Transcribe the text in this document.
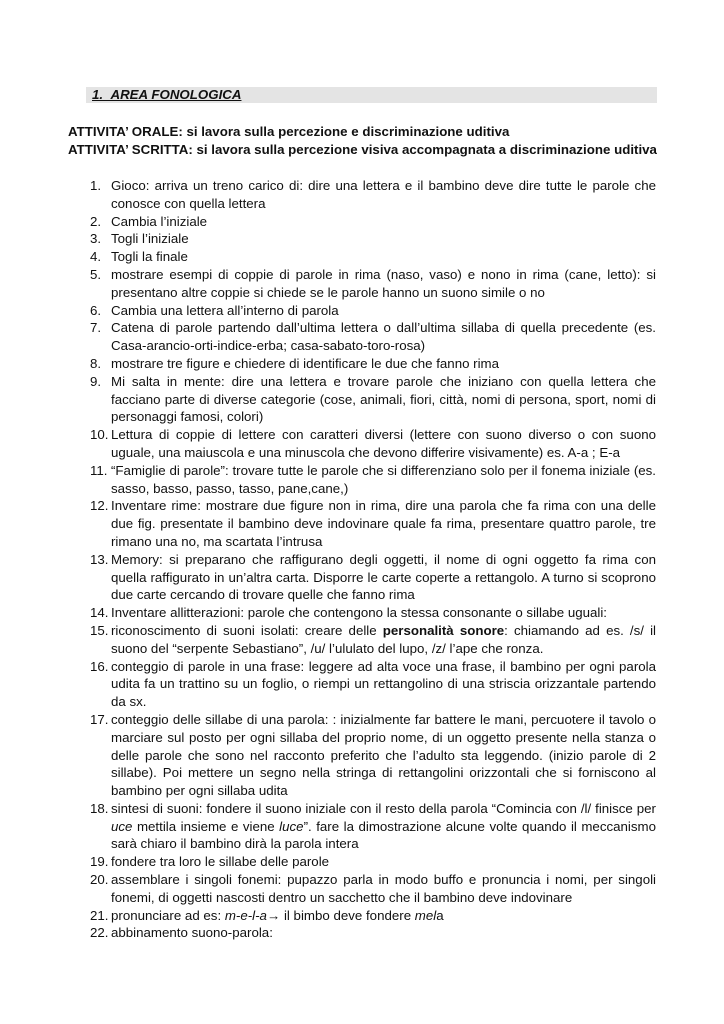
1.  AREA FONOLOGICA
ATTIVITA’ ORALE: si lavora sulla percezione e discriminazione uditiva
ATTIVITA’ SCRITTA: si lavora sulla percezione visiva accompagnata a discriminazione uditiva
1. Gioco: arriva un treno carico di: dire una lettera e il bambino deve dire tutte le parole che conosce con quella lettera
2. Cambia l’iniziale
3. Togli l’iniziale
4. Togli la finale
5. mostrare esempi di coppie di parole in rima (naso, vaso) e nono in rima (cane, letto): si presentano altre coppie si chiede se le parole hanno un suono simile o no
6. Cambia una lettera all’interno di parola
7. Catena di parole partendo dall’ultima lettera o dall’ultima sillaba di quella precedente (es. Casa-arancio-orti-indice-erba; casa-sabato-toro-rosa)
8. mostrare tre figure e chiedere di identificare le due che fanno rima
9. Mi salta in mente: dire una lettera e trovare parole che iniziano con quella lettera che facciano parte di diverse categorie (cose, animali, fiori, città, nomi di persona, sport, nomi di personaggi famosi, colori)
10. Lettura di coppie di lettere con caratteri diversi (lettere con suono diverso o con suono uguale, una maiuscola e una minuscola che devono differire visivamente) es. A-a ; E-a
11. “Famiglie di parole”: trovare tutte le parole che si differenziano solo per il fonema iniziale (es. sasso, basso, passo, tasso, pane,cane,)
12. Inventare rime: mostrare due figure non in rima, dire una parola che fa rima con una delle due fig. presentate il bambino deve indovinare quale fa rima, presentare quattro parole, tre rimano una no, ma scartata l’intrusa
13. Memory: si preparano che raffigurano degli oggetti, il nome di ogni oggetto fa rima con quella raffigurato in un’altra carta. Disporre le carte coperte a rettangolo. A turno si scoprono due carte cercando di trovare quelle che fanno rima
14. Inventare allitterazioni: parole che contengono la stessa consonante o sillabe uguali:
15. riconoscimento di suoni isolati: creare delle personalità sonore: chiamando ad es. /s/ il suono del “serpente Sebastiano”, /u/ l’ululato del lupo, /z/ l’ape che ronza.
16. conteggio di parole in una frase: leggere ad alta voce una frase, il bambino per ogni parola udita fa un trattino su un foglio, o riempi un rettangolino di una striscia orizzantale partendo da sx.
17. conteggio delle sillabe di una parola: : inizialmente far battere le mani, percuotere il tavolo o marciare sul posto per ogni sillaba del proprio nome, di un oggetto presente nella stanza o delle parole che sono nel racconto preferito che l’adulto sta leggendo. (inizio parole di 2 sillabe). Poi mettere un segno nella stringa di rettangolini orizzontali che si forniscono al bambino per ogni sillaba udita
18. sintesi di suoni: fondere il suono iniziale con il resto della parola “Comincia con /l/ finisce per uce mettila insieme e viene luce”. fare la dimostrazione alcune volte quando il meccanismo sarà chiaro il bambino dirà la parola intera
19. fondere tra loro le sillabe delle parole
20. assemblare i singoli fonemi: pupazzo parla in modo buffo e pronuncia i nomi, per singoli fonemi, di oggetti nascosti dentro un sacchetto che il bambino deve indovinare
21. pronunciare ad es: m-e-l-a→ il bimbo deve fondere mela
22. abbinamento suono-parola:
